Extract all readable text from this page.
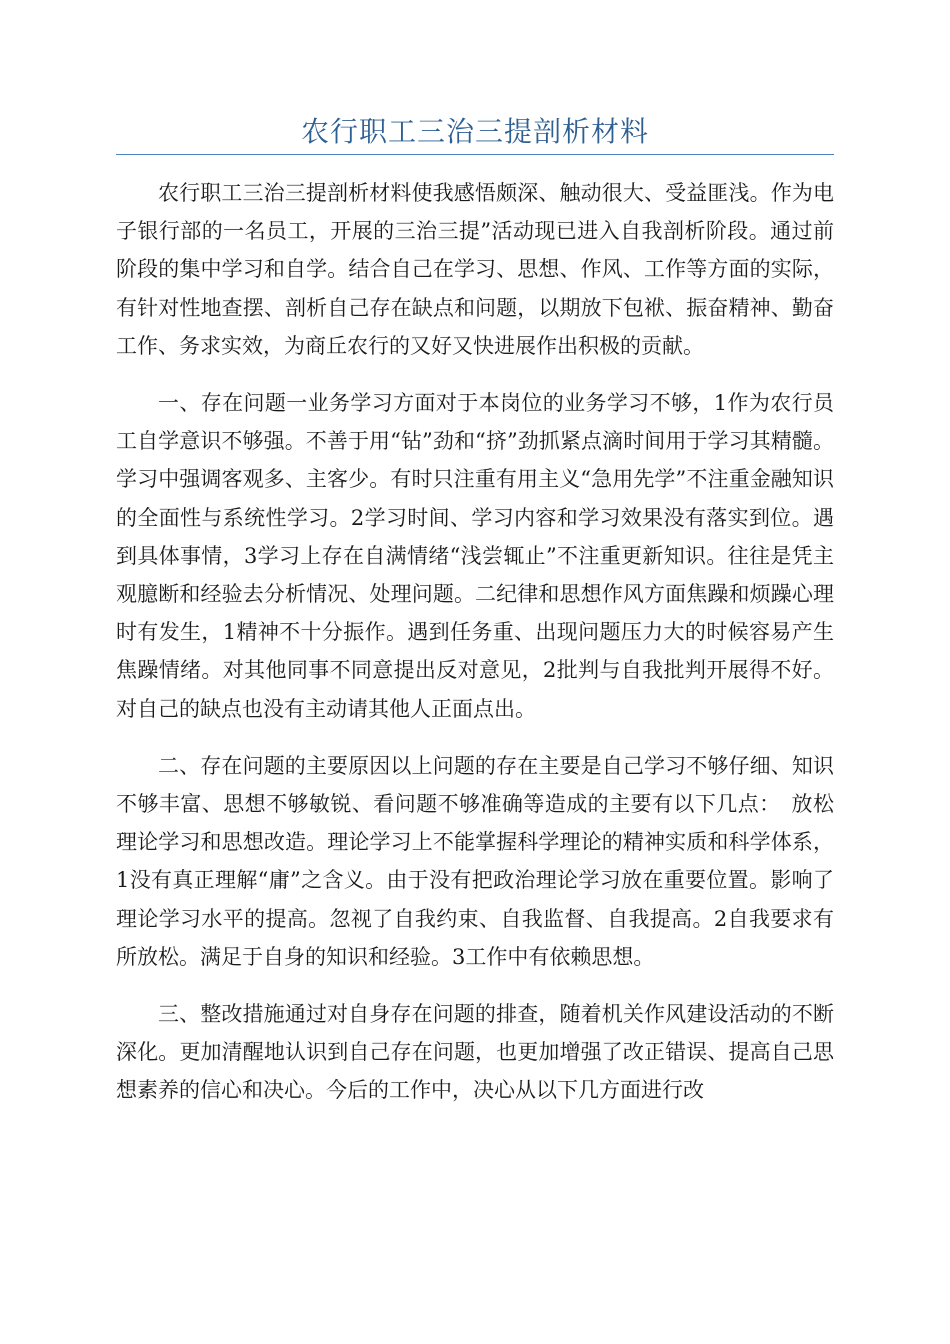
农行职工三治三提剖析材料

农行职工三治三提剖析材料使我感悟颇深、触动很大、受益匪浅。作为电子银行部的一名员工，开展的三治三提”活动现已进入自我剖析阶段。通过前阶段的集中学习和自学。结合自己在学习、思想、作风、工作等方面的实际，有针对性地查摆、剖析自己存在缺点和问题，以期放下包袱、振奋精神、勤奋工作、务求实效，为商丘农行的又好又快进展作出积极的贡献。

一、存在问题一业务学习方面对于本岗位的业务学习不够，1作为农行员工自学意识不够强。不善于用“钻”劲和“挤”劲抓紧点滴时间用于学习其精髓。学习中强调客观多、主客少。有时只注重有用主义“急用先学”不注重金融知识的全面性与系统性学习。2学习时间、学习内容和学习效果没有落实到位。遇到具体事情，3学习上存在自满情绪“浅尝辄止”不注重更新知识。往往是凭主观臆断和经验去分析情况、处理问题。二纪律和思想作风方面焦躁和烦躁心理时有发生，1精神不十分振作。遇到任务重、出现问题压力大的时候容易产生焦躁情绪。对其他同事不同意提出反对意见，2批判与自我批判开展得不好。对自己的缺点也没有主动请其他人正面点出。

二、存在问题的主要原因以上问题的存在主要是自己学习不够仔细、知识不够丰富、思想不够敏锐、看问题不够准确等造成的主要有以下几点：　放松理论学习和思想改造。理论学习上不能掌握科学理论的精神实质和科学体系，1没有真正理解“庸”之含义。由于没有把政治理论学习放在重要位置。影响了理论学习水平的提高。忽视了自我约束、自我监督、自我提高。2自我要求有所放松。满足于自身的知识和经验。3工作中有依赖思想。

三、整改措施通过对自身存在问题的排查，随着机关作风建设活动的不断深化。更加清醒地认识到自己存在问题，也更加增强了改正错误、提高自己思想素养的信心和决心。今后的工作中，决心从以下几方面进行改
